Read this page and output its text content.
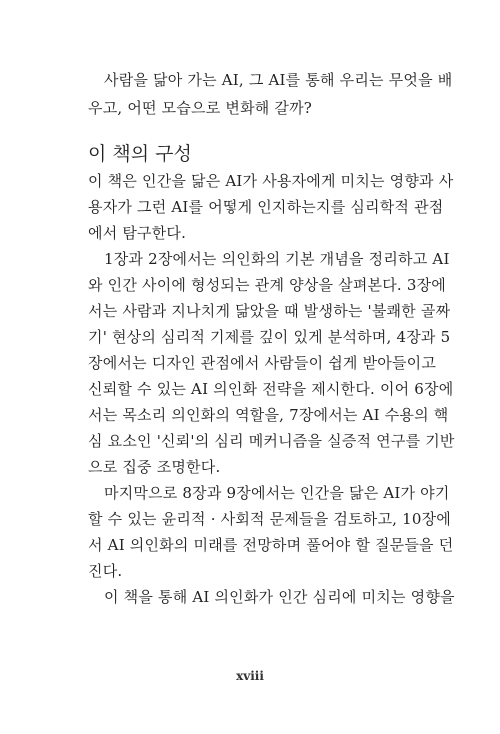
사람을 닮아 가는 AI, 그 AI를 통해 우리는 무엇을 배
우고, 어떤 모습으로 변화해 갈까?
이 책의 구성
이 책은 인간을 닮은 AI가 사용자에게 미치는 영향과 사
용자가 그런 AI를 어떻게 인지하는지를 심리학적 관점
에서 탐구한다.
1장과 2장에서는 의인화의 기본 개념을 정리하고 AI
와 인간 사이에 형성되는 관계 양상을 살펴본다. 3장에
서는 사람과 지나치게 닮았을 때 발생하는 '불쾌한 골짜
기' 현상의 심리적 기제를 깊이 있게 분석하며, 4장과 5
장에서는 디자인 관점에서 사람들이 쉽게 받아들이고
신뢰할 수 있는 AI 의인화 전략을 제시한다. 이어 6장에
서는 목소리 의인화의 역할을, 7장에서는 AI 수용의 핵
심 요소인 '신뢰'의 심리 메커니즘을 실증적 연구를 기반
으로 집중 조명한다.
마지막으로 8장과 9장에서는 인간을 닮은 AI가 야기
할 수 있는 윤리적 · 사회적 문제들을 검토하고, 10장에
서 AI 의인화의 미래를 전망하며 풀어야 할 질문들을 던
진다.
이 책을 통해 AI 의인화가 인간 심리에 미치는 영향을
xviii
